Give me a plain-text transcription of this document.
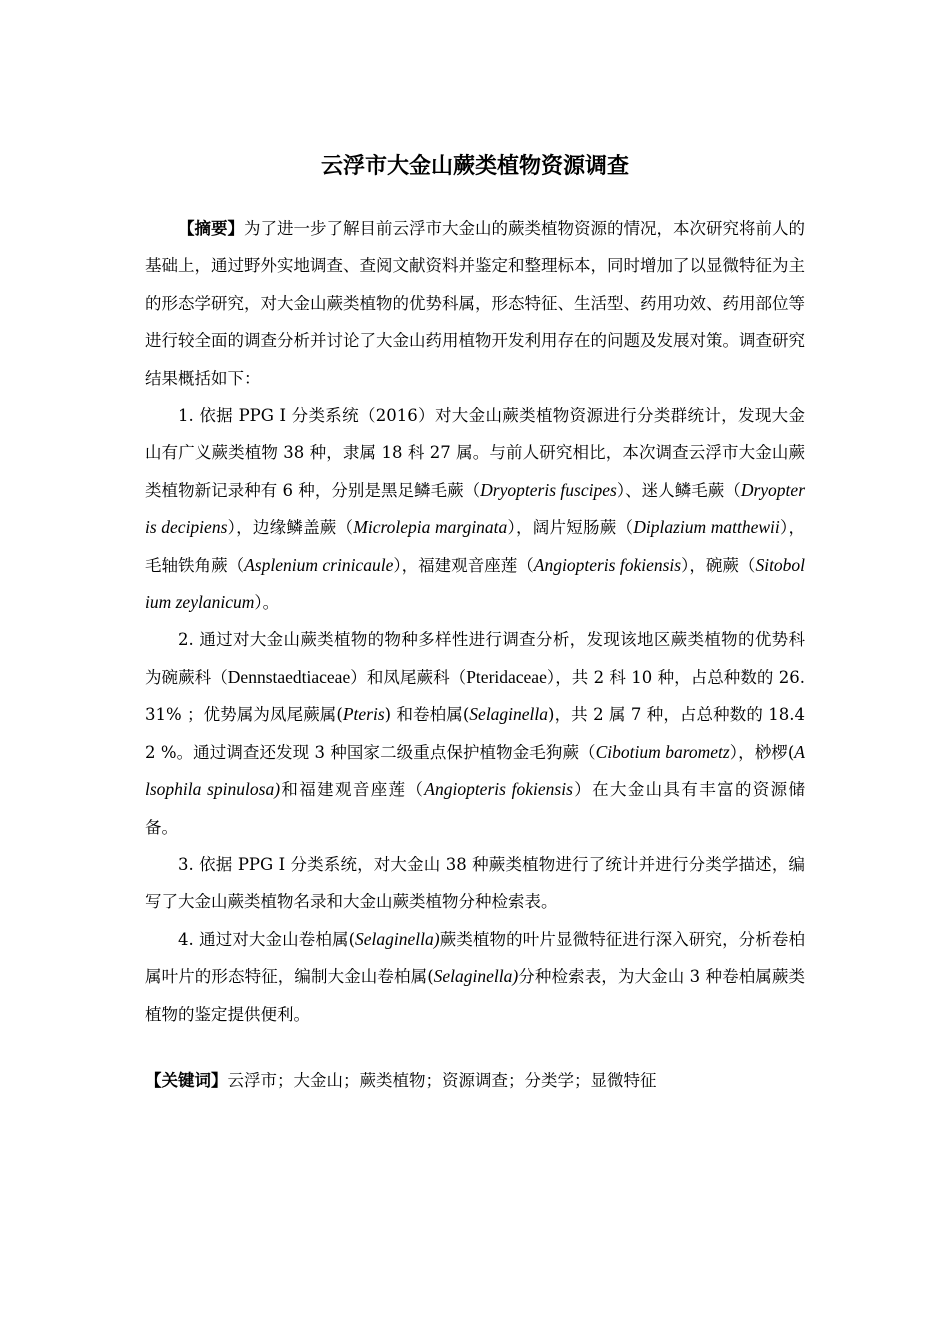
云浮市大金山蕨类植物资源调查

【摘要】为了进一步了解目前云浮市大金山的蕨类植物资源的情况，本次研究将前人的基础上，通过野外实地调查、查阅文献资料并鉴定和整理标本，同时增加了以显微特征为主的形态学研究，对大金山蕨类植物的优势科属，形态特征、生活型、药用功效、药用部位等进行较全面的调查分析并讨论了大金山药用植物开发利用存在的问题及发展对策。调查研究结果概括如下：

1. 依据 PPG I 分类系统（2016）对大金山蕨类植物资源进行分类群统计，发现大金山有广义蕨类植物 38 种，隶属 18 科 27 属。与前人研究相比，本次调查云浮市大金山蕨类植物新记录种有 6 种，分别是黑足鳞毛蕨（Dryopteris fuscipes）、迷人鳞毛蕨（Dryopteris decipiens），边缘鳞盖蕨（Microlepia marginata），阔片短肠蕨（Diplazium matthewii），毛轴铁角蕨（Asplenium crinicaule），福建观音座莲（Angiopteris fokiensis），碗蕨（Sitobolium zeylanicum）。

2. 通过对大金山蕨类植物的物种多样性进行调查分析，发现该地区蕨类植物的优势科为碗蕨科（Dennstaedtiaceae）和凤尾蕨科（Pteridaceae），共 2 科 10 种，占总种数的 26.31% ；优势属为凤尾蕨属(Pteris) 和卷柏属(Selaginella)，共 2 属 7 种，占总种数的 18.42 %。通过调查还发现 3 种国家二级重点保护植物金毛狗蕨（Cibotium barometz），桫椤(Alsophila spinulosa)和福建观音座莲（Angiopteris fokiensis）在大金山具有丰富的资源储备。

3. 依据 PPG I 分类系统，对大金山 38 种蕨类植物进行了统计并进行分类学描述，编写了大金山蕨类植物名录和大金山蕨类植物分种检索表。

4. 通过对大金山卷柏属(Selaginella)蕨类植物的叶片显微特征进行深入研究，分析卷柏属叶片的形态特征，编制大金山卷柏属(Selaginella)分种检索表，为大金山 3 种卷柏属蕨类植物的鉴定提供便利。

【关键词】云浮市；大金山；蕨类植物；资源调查；分类学；显微特征
